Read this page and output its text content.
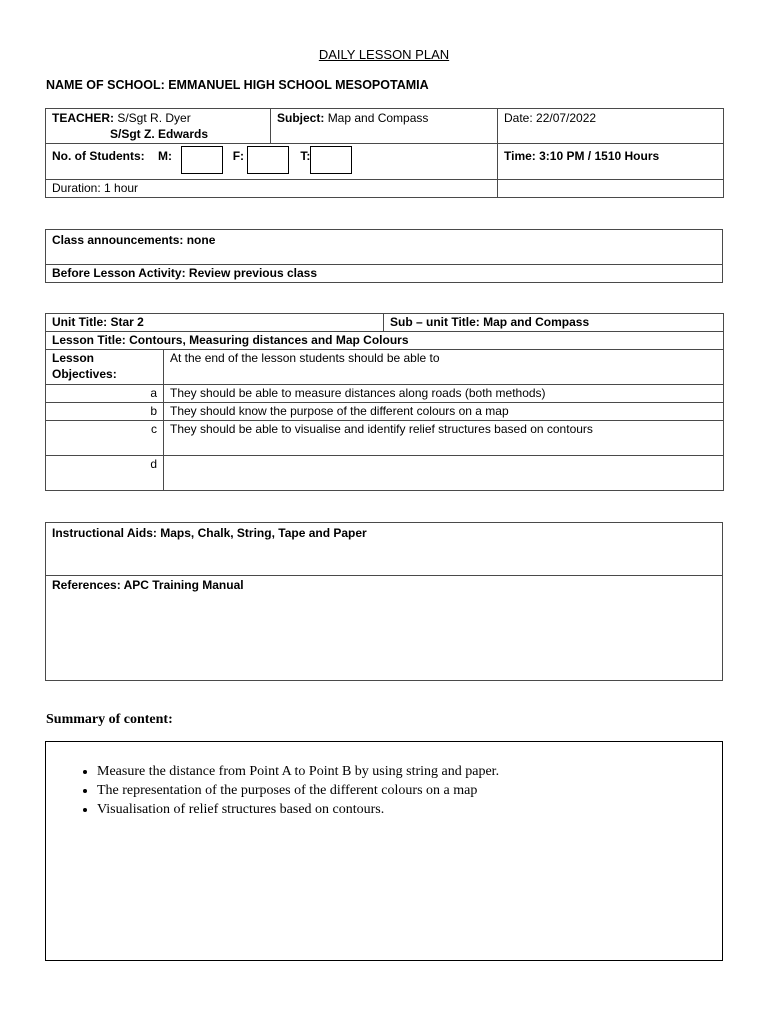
DAILY LESSON PLAN
NAME OF SCHOOL: EMMANUEL HIGH SCHOOL MESOPOTAMIA
TEACHER: S/Sgt R. Dyer
S/Sgt Z. Edwards	Subject: Map and Compass	Date: 22/07/2022
No. of Students: M: F: T:		Time: 3:10 PM / 1510 Hours
Duration: 1 hour		
Class announcements: none
Before Lesson Activity: Review previous class
Unit Title: Star 2		Sub – unit Title: Map and Compass
Lesson Title: Contours, Measuring distances and Map Colours		
Lesson
Objectives:	At the end of the lesson students should be able to	
a	They should be able to measure distances along roads (both methods)	
b	They should know the purpose of the different colours on a map	
c	They should be able to visualise and identify relief structures based on contours	
d		
Instructional Aids: Maps, Chalk, String, Tape and Paper
References: APC Training Manual
Summary of content:
• Measure the distance from Point A to Point B by using string and paper.
• The representation of the purposes of the different colours on a map
• Visualisation of relief structures based on contours.
